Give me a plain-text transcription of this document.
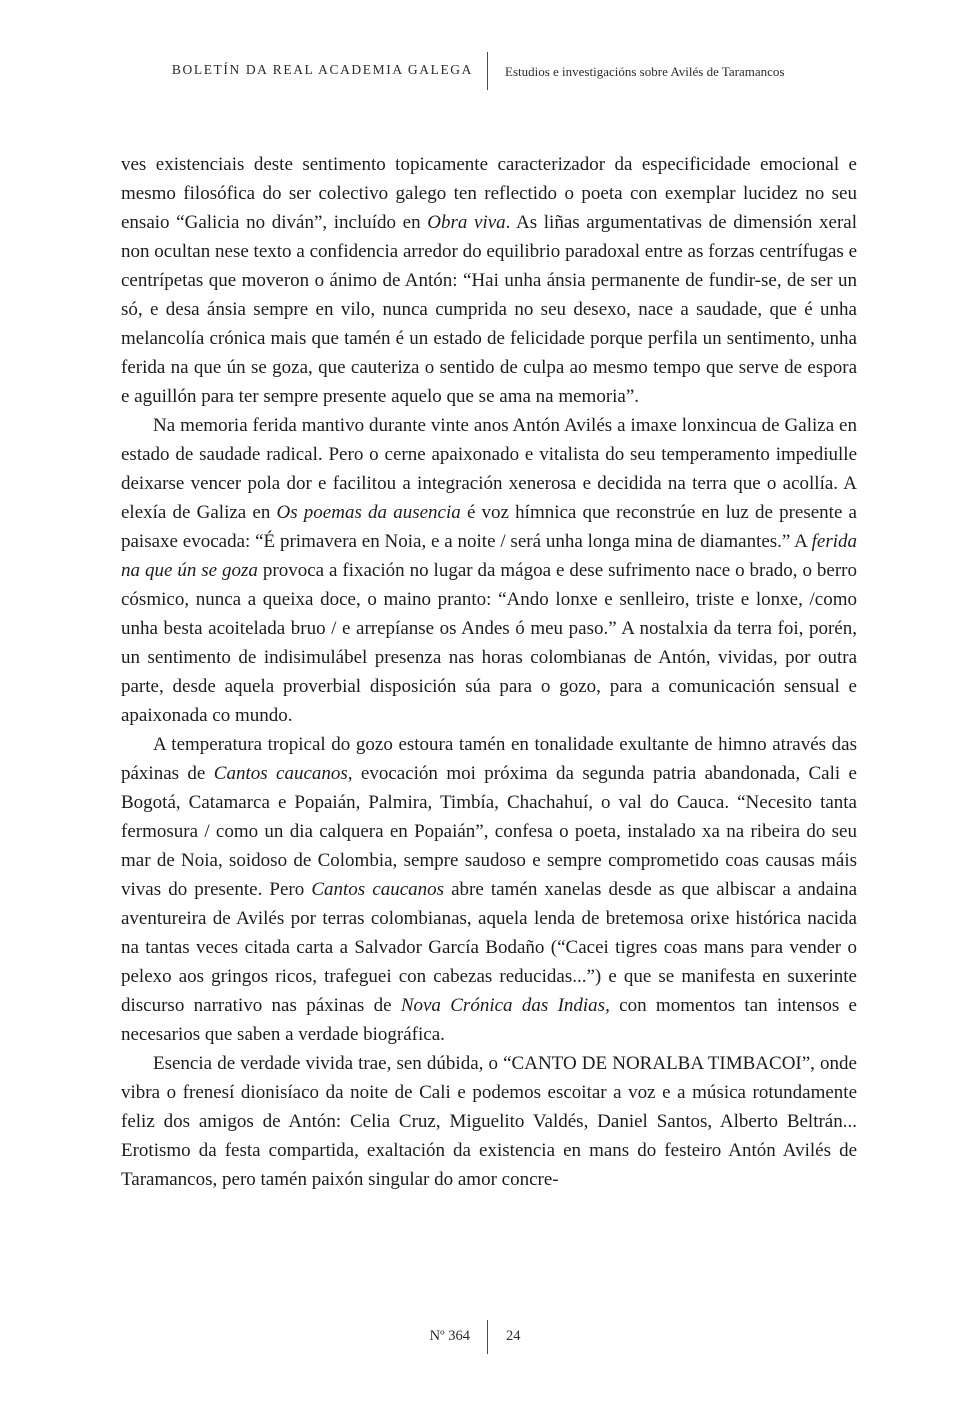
BOLETÍN DA REAL ACADEMIA GALEGA Estudios e investigacións sobre Avilés de Taramancos

ves existenciais deste sentimento topicamente caracterizador da especificidade emocional e mesmo filosófica do ser colectivo galego ten reflectido o poeta con exemplar lucidez no seu ensaio “Galicia no diván”, incluído en Obra viva. As liñas argumentativas de dimensión xeral non ocultan nese texto a confidencia arredor do equilibrio paradoxal entre as forzas centrífugas e centrípetas que moveron o ánimo de Antón: “Hai unha ánsia permanente de fundir-se, de ser un só, e desa ánsia sempre en vilo, nunca cumprida no seu desexo, nace a saudade, que é unha melancolía crónica mais que tamén é un estado de felicidade porque perfila un sentimento, unha ferida na que ún se goza, que cauteriza o sentido de culpa ao mesmo tempo que serve de espora e aguillón para ter sempre presente aquelo que se ama na memoria”.

Na memoria ferida mantivo durante vinte anos Antón Avilés a imaxe lonxincua de Galiza en estado de saudade radical. Pero o cerne apaixonado e vitalista do seu temperamento impediulle deixarse vencer pola dor e facilitou a integración xenerosa e decidida na terra que o acollía. A elexía de Galiza en Os poemas da ausencia é voz hímnica que reconstrúe en luz de presente a paisaxe evocada: “É primavera en Noia, e a noite / será unha longa mina de diamantes.” A ferida na que ún se goza provoca a fixación no lugar da mágoa e dese sufrimento nace o brado, o berro cósmico, nunca a queixa doce, o maino pranto: “Ando lonxe e senlleiro, triste e lonxe, /como unha besta acoitelada bruo / e arrepíanse os Andes ó meu paso.” A nostalxia da terra foi, porén, un sentimento de indisimulábel presenza nas horas colombianas de Antón, vividas, por outra parte, desde aquela proverbial disposición súa para o gozo, para a comunicación sensual e apaixonada co mundo.

A temperatura tropical do gozo estoura tamén en tonalidade exultante de himno através das páxinas de Cantos caucanos, evocación moi próxima da segunda patria abandonada, Cali e Bogotá, Catamarca e Popaián, Palmira, Timbía, Chachahuí, o val do Cauca. “Necesito tanta fermosura / como un dia calquera en Popaián”, confesa o poeta, instalado xa na ribeira do seu mar de Noia, soidoso de Colombia, sempre saudoso e sempre comprometido coas causas máis vivas do presente. Pero Cantos caucanos abre tamén xanelas desde as que albiscar a andaina aventureira de Avilés por terras colombianas, aquela lenda de bretemosa orixe histórica nacida na tantas veces citada carta a Salvador García Bodaño (“Cacei tigres coas mans para vender o pelexo aos gringos ricos, trafeguei con cabezas reducidas...”) e que se manifesta en suxerinte discurso narrativo nas páxinas de Nova Crónica das Indias, con momentos tan intensos e necesarios que saben a verdade biográfica.

Esencia de verdade vivida trae, sen dúbida, o “CANTO DE NORALBA TIMBACOI”, onde vibra o frenesí dionisíaco da noite de Cali e podemos escoitar a voz e a música rotundamente feliz dos amigos de Antón: Celia Cruz, Miguelito Valdés, Daniel Santos, Alberto Beltrán... Erotismo da festa compartida, exaltación da existencia en mans do festeiro Antón Avilés de Taramancos, pero tamén paixón singular do amor concre-

Nº 364 24
